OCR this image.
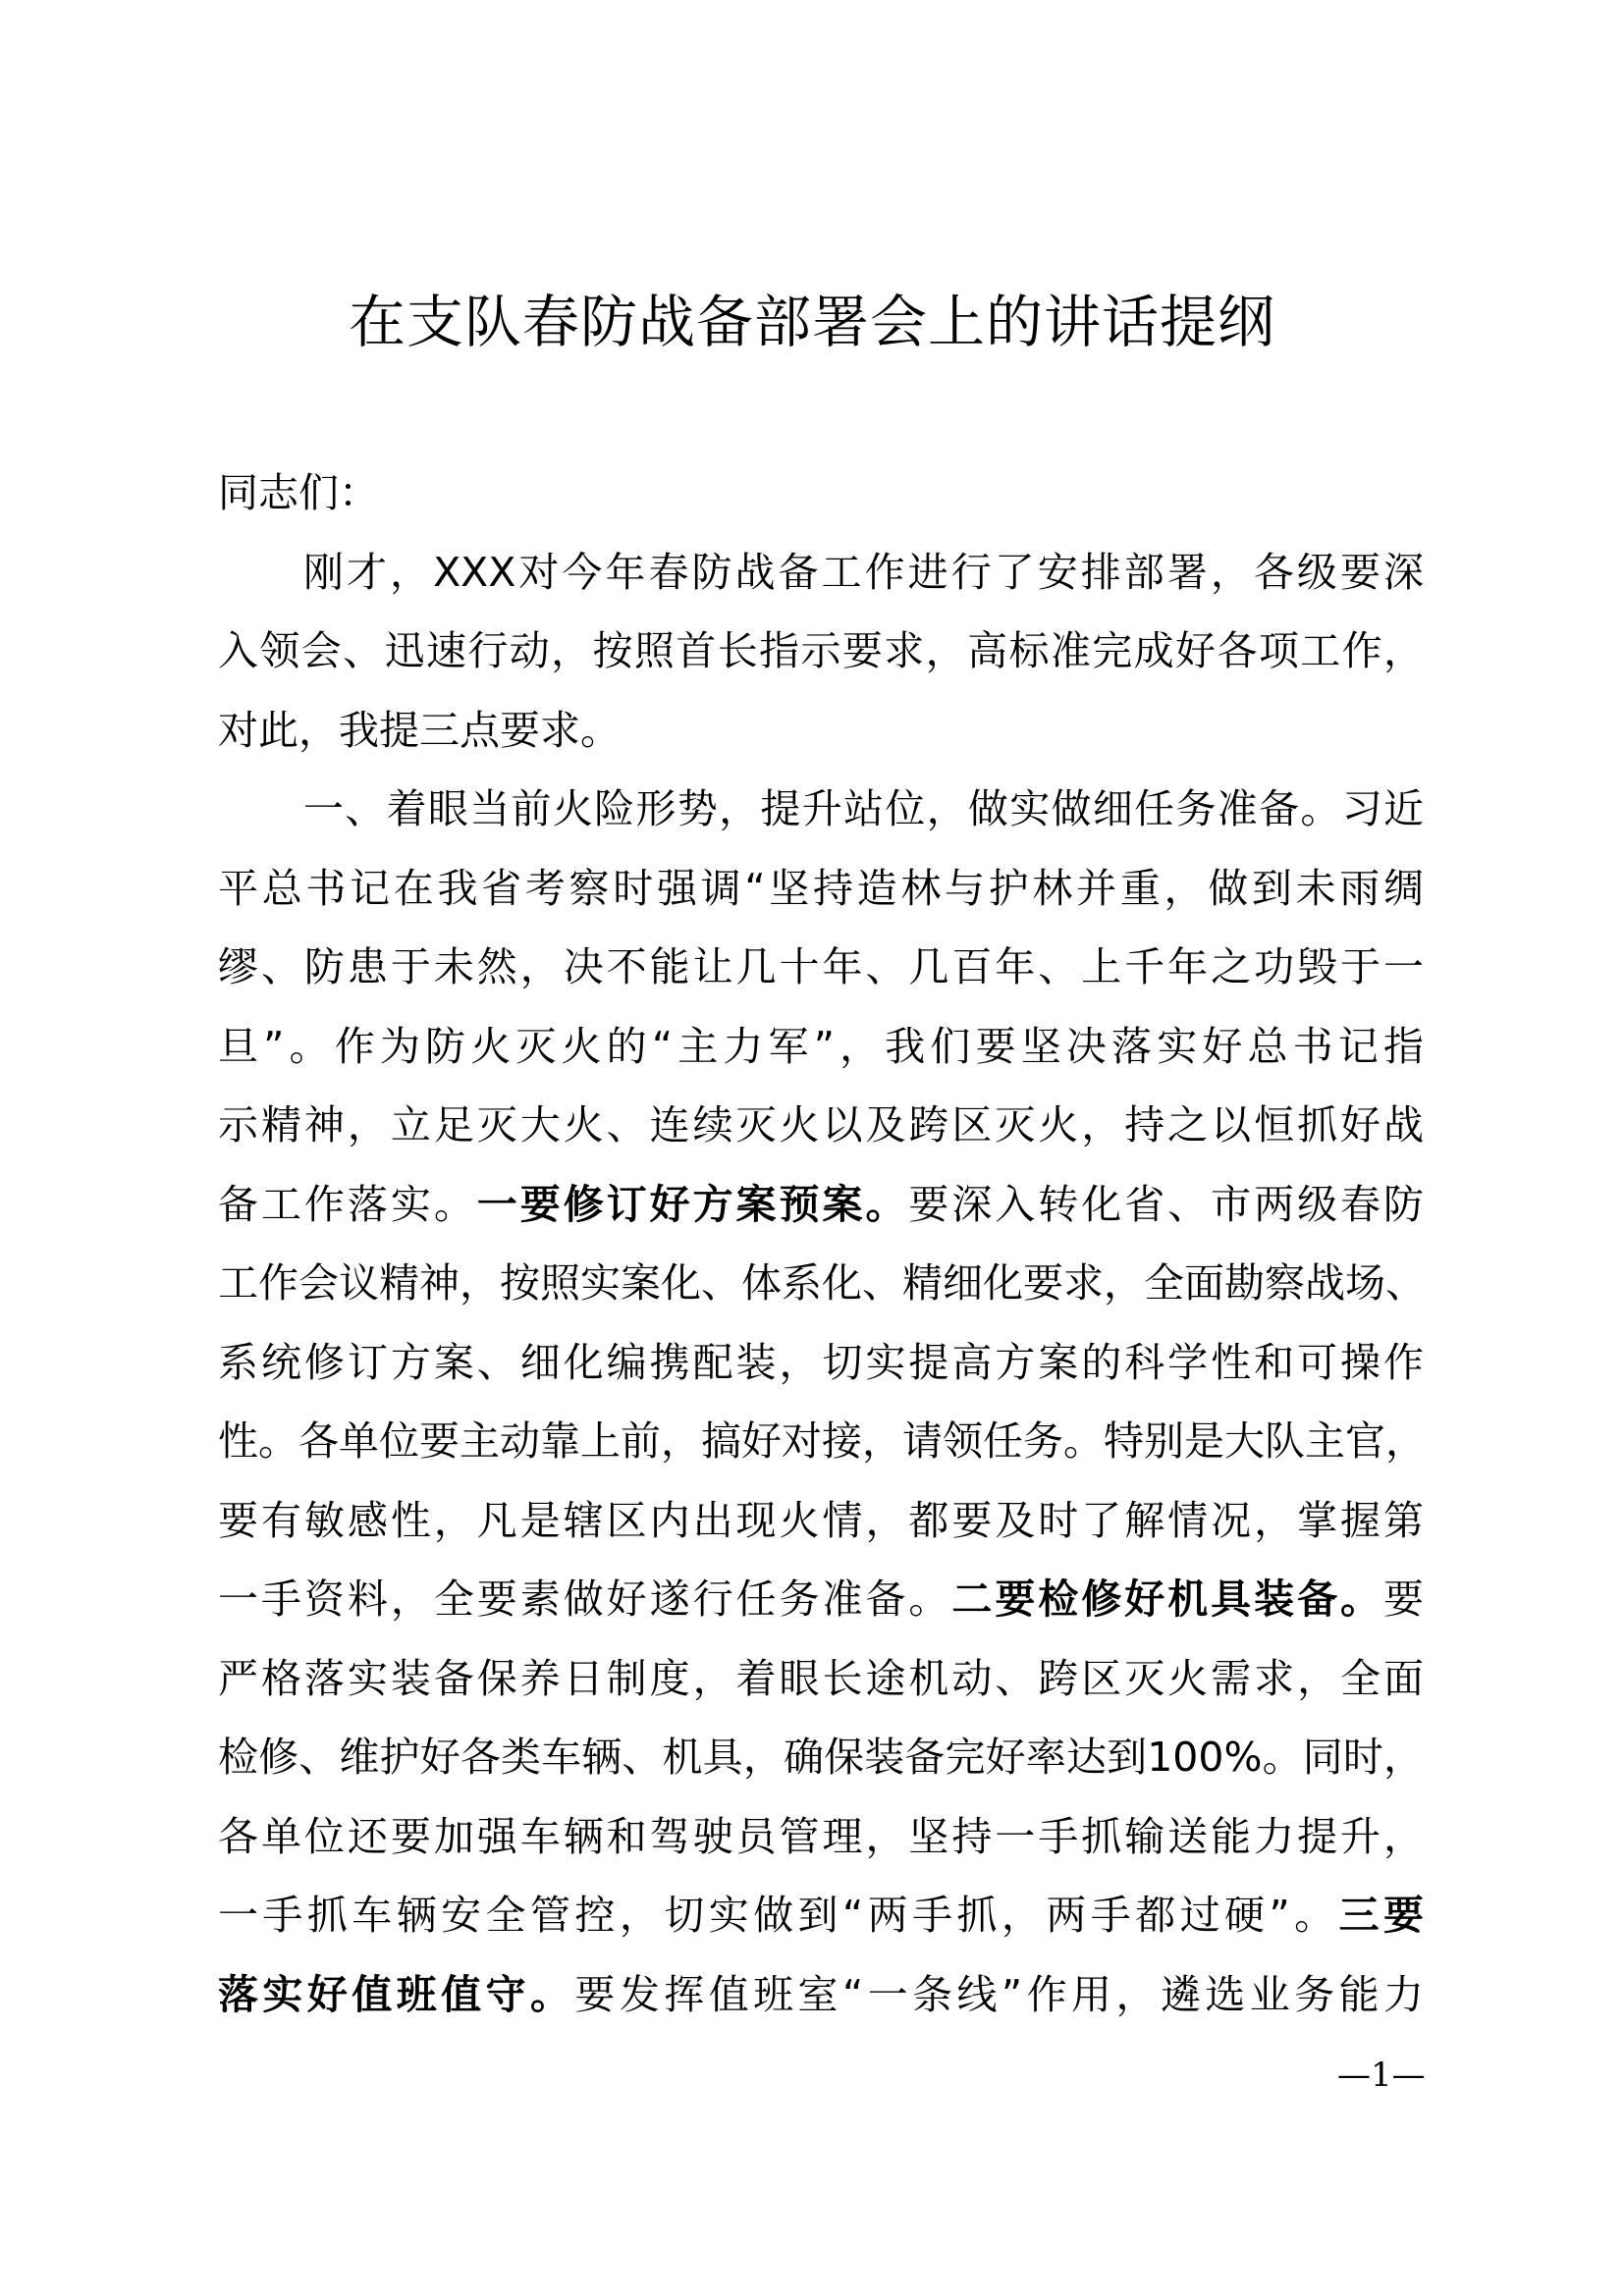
在支队春防战备部署会上的讲话提纲
同志们：
刚才，XXX对今年春防战备工作进行了安排部署，各级要深
入领会、迅速行动，按照首长指示要求，高标准完成好各项工作，
对此，我提三点要求。
一、着眼当前火险形势，提升站位，做实做细任务准备。习近
平总书记在我省考察时强调“坚持造林与护林并重，做到未雨绸
缪、防患于未然，决不能让几十年、几百年、上千年之功毁于一
旦”。作为防火灭火的“主力军”，我们要坚决落实好总书记指
示精神，立足灭大火、连续灭火以及跨区灭火，持之以恒抓好战
备工作落实。一要修订好方案预案。要深入转化省、市两级春防
工作会议精神，按照实案化、体系化、精细化要求，全面勘察战场、
系统修订方案、细化编携配装，切实提高方案的科学性和可操作
性。各单位要主动靠上前，搞好对接，请领任务。特别是大队主官，
要有敏感性，凡是辖区内出现火情，都要及时了解情况，掌握第
一手资料，全要素做好遂行任务准备。二要检修好机具装备。要
严格落实装备保养日制度，着眼长途机动、跨区灭火需求，全面
检修、维护好各类车辆、机具，确保装备完好率达到100%。同时，
各单位还要加强车辆和驾驶员管理，坚持一手抓输送能力提升，
一手抓车辆安全管控，切实做到“两手抓，两手都过硬”。三要
落实好值班值守。要发挥值班室“一条线”作用，遴选业务能力
—1—
